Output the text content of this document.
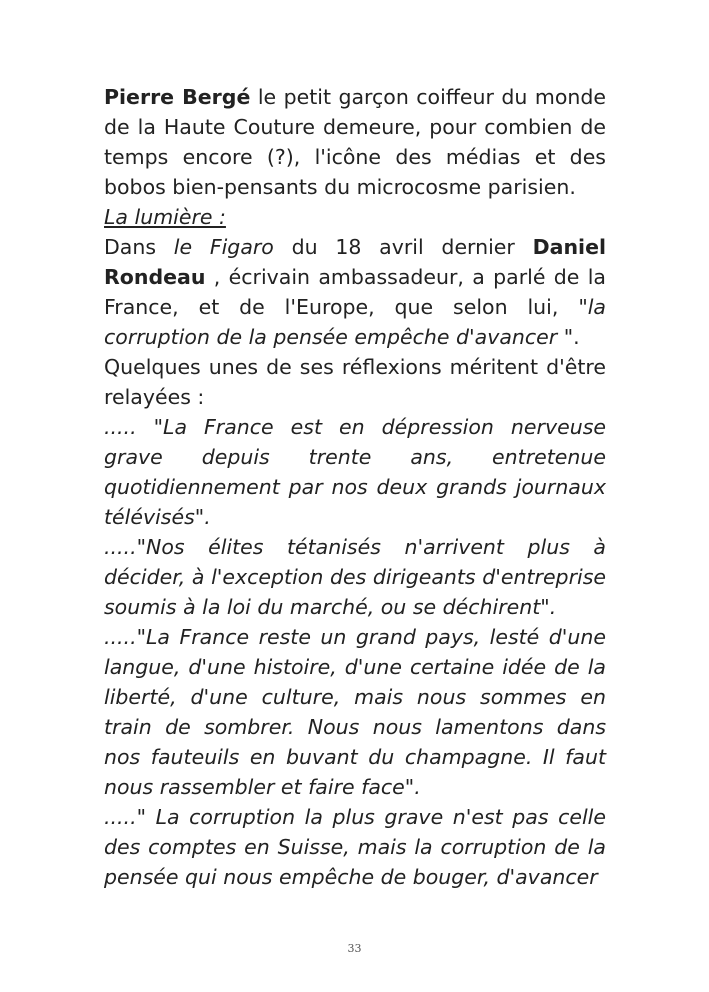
Pierre Bergé le petit garçon coiffeur du monde de la Haute Couture demeure, pour combien de temps encore (?), l'icône des médias et des bobos bien-pensants du microcosme parisien.

La lumière :

Dans le Figaro du 18 avril dernier Daniel Rondeau , écrivain ambassadeur, a parlé de la France, et de l'Europe, que selon lui, "la corruption de la pensée empêche d'avancer ".

Quelques unes de ses réflexions méritent d'être relayées :

..... "La France est en dépression nerveuse grave depuis trente ans, entretenue quotidiennement par nos deux grands journaux télévisés".

....."Nos élites tétanisés n'arrivent plus à décider, à l'exception des dirigeants d'entreprise soumis à la loi du marché, ou se déchirent".

....."La France reste un grand pays, lesté d'une langue, d'une histoire, d'une certaine idée de la liberté, d'une culture, mais nous sommes en train de sombrer. Nous nous lamentons dans nos fauteuils en buvant du champagne. Il faut nous rassembler et faire face".

....." La corruption la plus grave n'est pas celle des comptes en Suisse, mais la corruption de la pensée qui nous empêche de bouger, d'avancer

33
